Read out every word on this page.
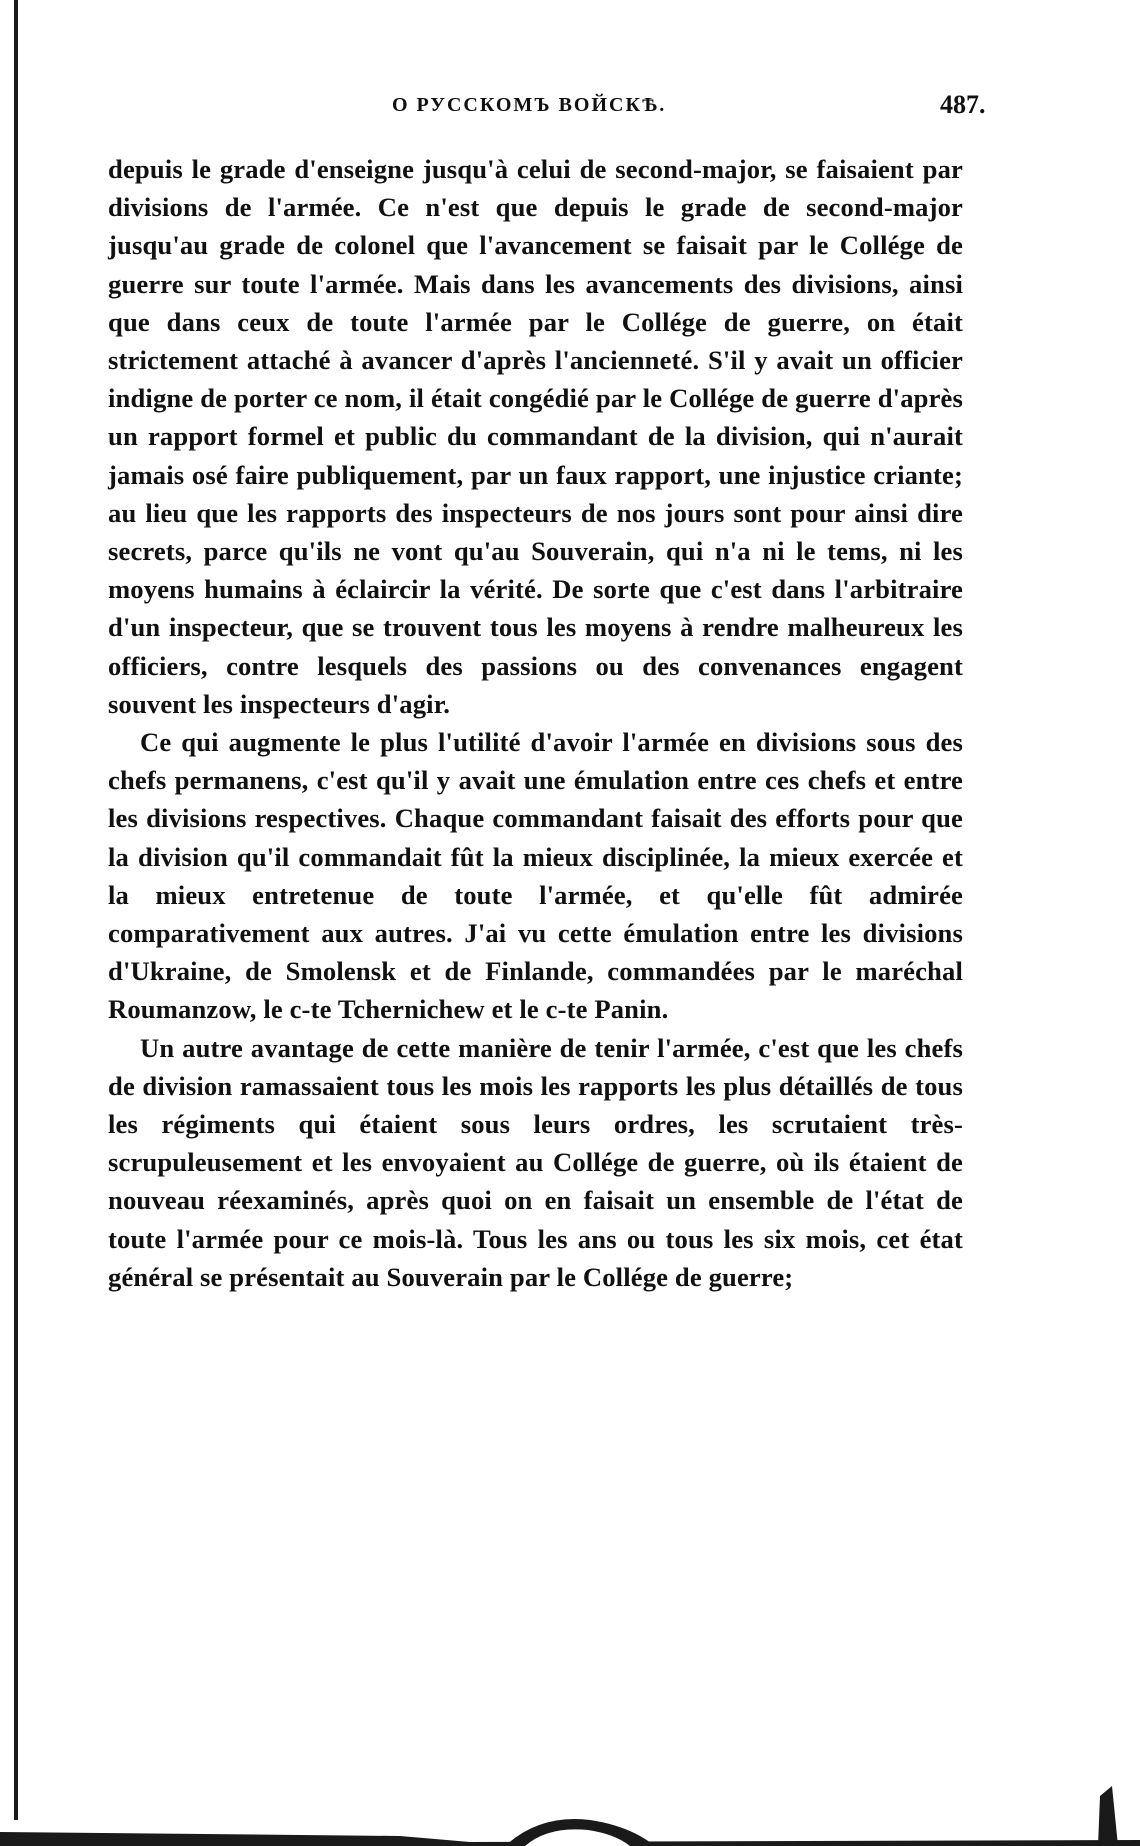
О РУССКОМЪ ВОЙСКѢ.	487.

depuis le grade d'enseigne jusqu'à celui de second-major, se faisaient par divisions de l'armée. Ce n'est que depuis le grade de second-major jusqu'au grade de colonel que l'avancement se faisait par le Collége de guerre sur toute l'armée. Mais dans les avancements des divisions, ainsi que dans ceux de toute l'armée par le Collége de guerre, on était strictement attaché à avancer d'après l'ancienneté. S'il y avait un officier indigne de porter ce nom, il était congédié par le Collége de guerre d'après un rapport formel et public du commandant de la division, qui n'aurait jamais osé faire publiquement, par un faux rapport, une injustice criante; au lieu que les rapports des inspecteurs de nos jours sont pour ainsi dire secrets, parce qu'ils ne vont qu'au Souverain, qui n'a ni le tems, ni les moyens humains à éclaircir la vérité. De sorte que c'est dans l'arbitraire d'un inspecteur, que se trouvent tous les moyens à rendre malheureux les officiers, contre lesquels des passions ou des convenances engagent souvent les inspecteurs d'agir.

Ce qui augmente le plus l'utilité d'avoir l'armée en divisions sous des chefs permanens, c'est qu'il y avait une émulation entre ces chefs et entre les divisions respectives. Chaque commandant faisait des efforts pour que la division qu'il commandait fût la mieux disciplinée, la mieux exercée et la mieux entretenue de toute l'armée, et qu'elle fût admirée comparativement aux autres. J'ai vu cette émulation entre les divisions d'Ukraine, de Smolensk et de Finlande, commandées par le maréchal Roumanzow, le c-te Tchernichew et le c-te Panin.

Un autre avantage de cette manière de tenir l'armée, c'est que les chefs de division ramassaient tous les mois les rapports les plus détaillés de tous les régiments qui étaient sous leurs ordres, les scrutaient très-scrupuleusement et les envoyaient au Collége de guerre, où ils étaient de nouveau réexaminés, après quoi on en faisait un ensemble de l'état de toute l'armée pour ce mois-là. Tous les ans ou tous les six mois, cet état général se présentait au Souverain par le Collége de guerre;
